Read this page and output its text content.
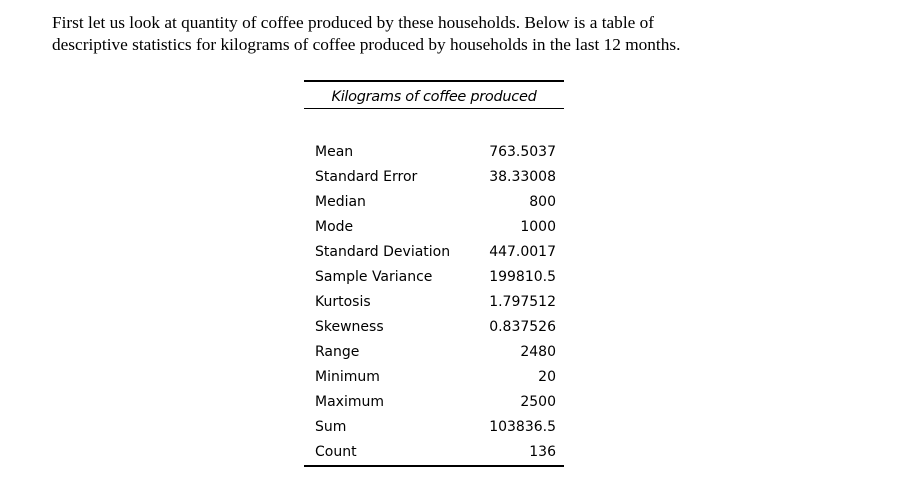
First let us look at quantity of coffee produced by these households. Below is a table of
descriptive statistics for kilograms of coffee produced by households in the last 12 months.
Kilograms of coffee produced
Mean	763.5037
Standard Error	38.33008
Median	800
Mode	1000
Standard Deviation	447.0017
Sample Variance	199810.5
Kurtosis	1.797512
Skewness	0.837526
Range	2480
Minimum	20
Maximum	2500
Sum	103836.5
Count	136
